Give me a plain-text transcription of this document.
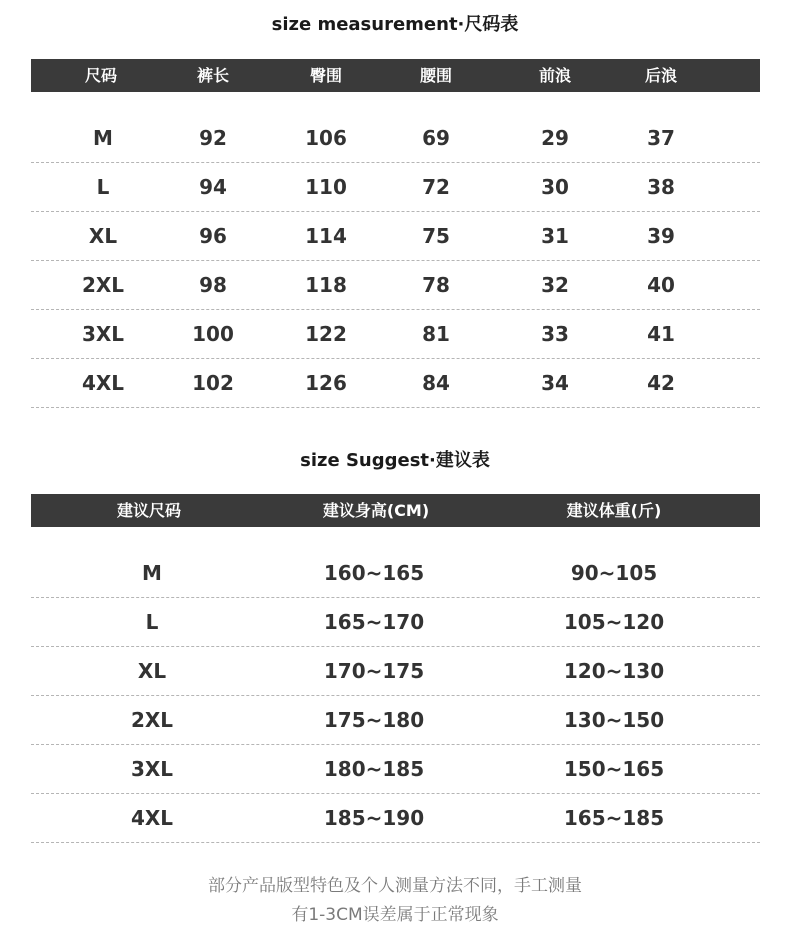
size measurement·尺码表
尺码	裤长	臀围	腰围	前浪	后浪
M	92	106	69	29	37
L	94	110	72	30	38
XL	96	114	75	31	39
2XL	98	118	78	32	40
3XL	100	122	81	33	41
4XL	102	126	84	34	42
size Suggest·建议表
建议尺码	建议身高(CM)	建议体重(斤)
M	160~165	90~105
L	165~170	105~120
XL	170~175	120~130
2XL	175~180	130~150
3XL	180~185	150~165
4XL	185~190	165~185
部分产品版型特色及个人测量方法不同，手工测量
有1-3CM误差属于正常现象
